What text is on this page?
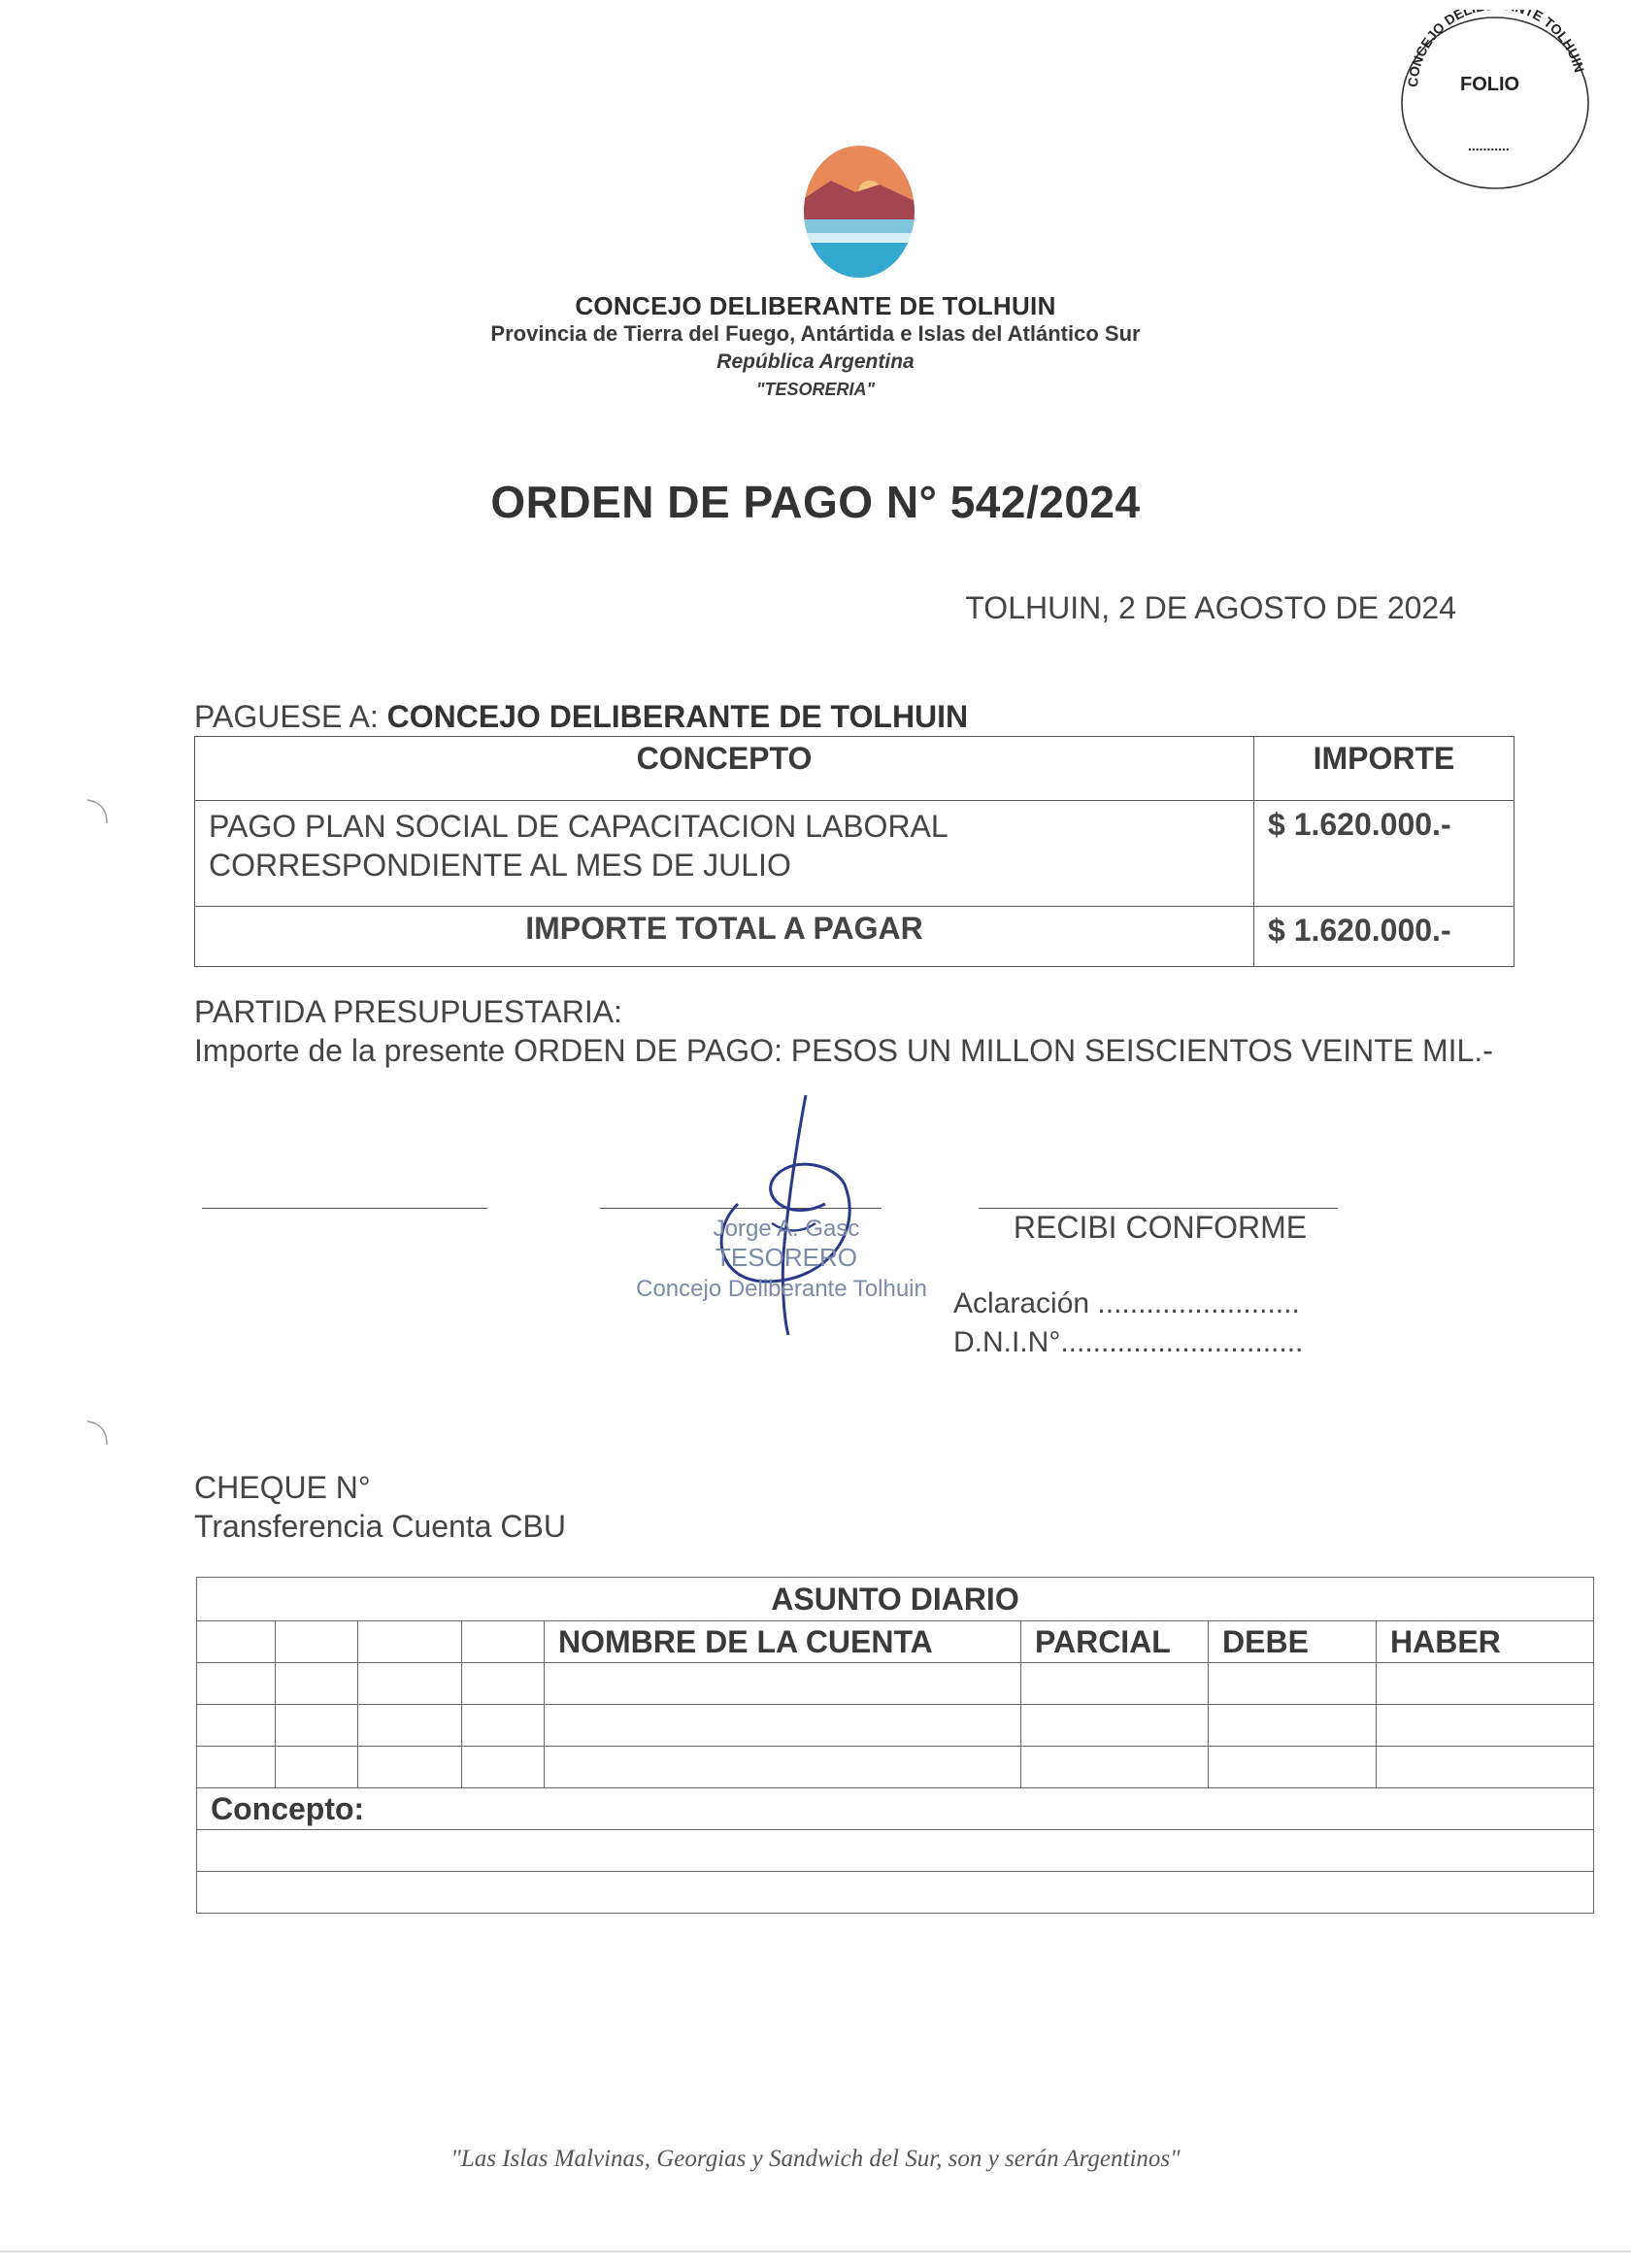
CONCEJO DEL TE TOLHUIN
FOLIO
...........
CONCEJO DELIBERANTE DE TOLHUIN
Provincia de Tierra del Fuego, Antártida e Islas del Atlántico Sur
República Argentina
"TESORERIA"
ORDEN DE PAGO N° 542/2024
TOLHUIN, 2 DE AGOSTO DE 2024
PAGUESE A: CONCEJO DELIBERANTE DE TOLHUIN
CONCEPTO	IMPORTE

PAGO PLAN SOCIAL DE CAPACITACION LABORAL
CORRESPONDIENTE AL MES DE JULIO	$ 1.620.000.-
IMPORTE TOTAL A PAGAR	$ 1.620.000.-
PARTIDA PRESUPUESTARIA:
Importe de la presente ORDEN DE PAGO: PESOS UN MILLON SEISCIENTOS VEINTE MIL.-
Jorge A. Gasc
TESORERO
Concejo Deliberante Tolhuin
RECIBI CONFORME
Aclaración .........................
D.N.I.N°..............................
CHEQUE N°
Transferencia Cuenta CBU
ASUNTO DIARIO							
				NOMBRE DE LA CUENTA	PARCIAL	DEBE	HABER

Concepto:							

"Las Islas Malvinas, Georgias y Sandwich del Sur, son y serán Argentinos"
